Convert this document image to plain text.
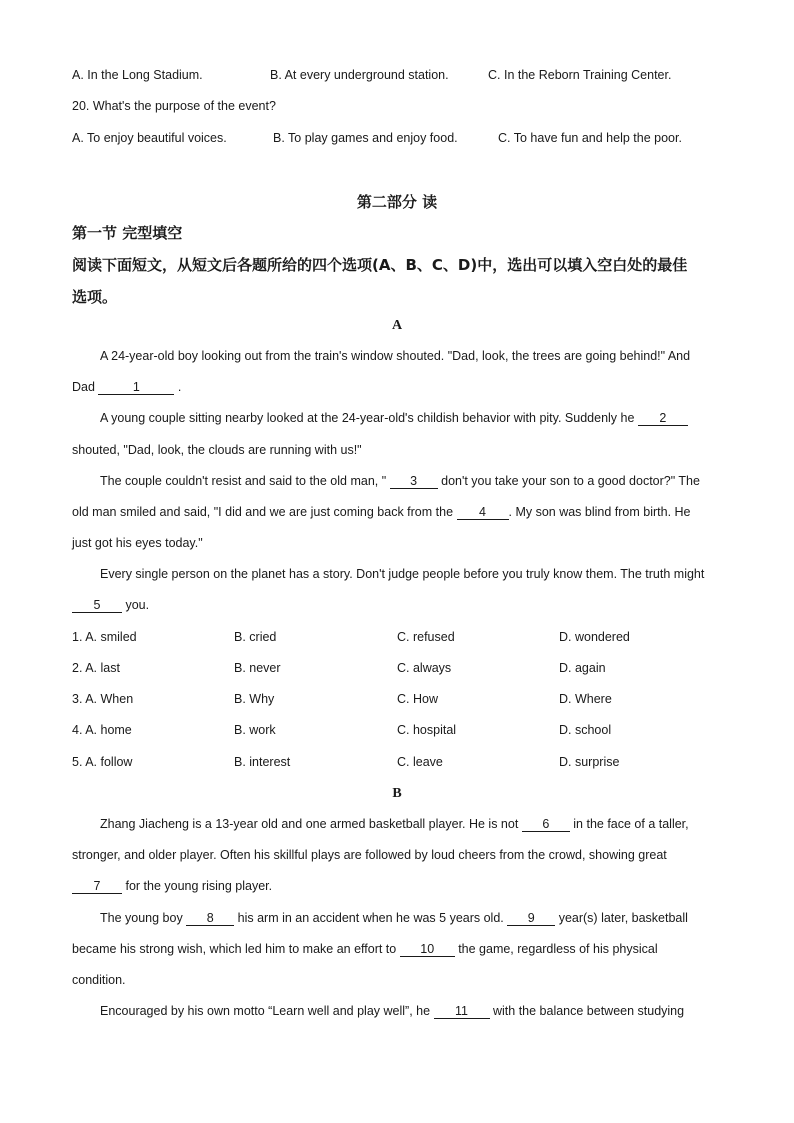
A. In the Long Stadium.	B. At every underground station.	C. In the Reborn Training Center.
20. What's the purpose of the event?
A. To enjoy beautiful voices.	B. To play games and enjoy food.	C. To have fun and help the poor.
第二部分 读
第一节 完型填空
阅读下面短文，从短文后各题所给的四个选项(A、B、C、D)中，选出可以填入空白处的最佳
选项。
A
A 24-year-old boy looking out from the train's window shouted. "Dad, look, the trees are going behind!" And
Dad	1	.
A young couple sitting nearby looked at the 24-year-old's childish behavior with pity. Suddenly he 2
shouted, "Dad, look, the clouds are running with us!"
The couple couldn't resist and said to the old man, " 3 don't you take your son to a good doctor?" The
old man smiled and said, "I did and we are just coming back from the 4 . My son was blind from birth. He
just got his eyes today."
Every single person on the planet has a story. Don't judge people before you truly know them. The truth might
5 you.
1. A. smiled	B. cried	C. refused	D. wondered
2. A. last	B. never	C. always	D. again
3. A. When	B. Why	C. How	D. Where
4. A. home	B. work	C. hospital	D. school
5. A. follow	B. interest	C. leave	D. surprise
B
Zhang Jiacheng is a 13-year old and one armed basketball player. He is not 6 in the face of a taller,
stronger, and older player. Often his skillful plays are followed by loud cheers from the crowd, showing great
7 for the young rising player.
The young boy 8 his arm in an accident when he was 5 years old. 9 year(s) later, basketball
became his strong wish, which led him to make an effort to 10 the game, regardless of his physical
condition.
Encouraged by his own motto “Learn well and play well”, he 11 with the balance between studying
